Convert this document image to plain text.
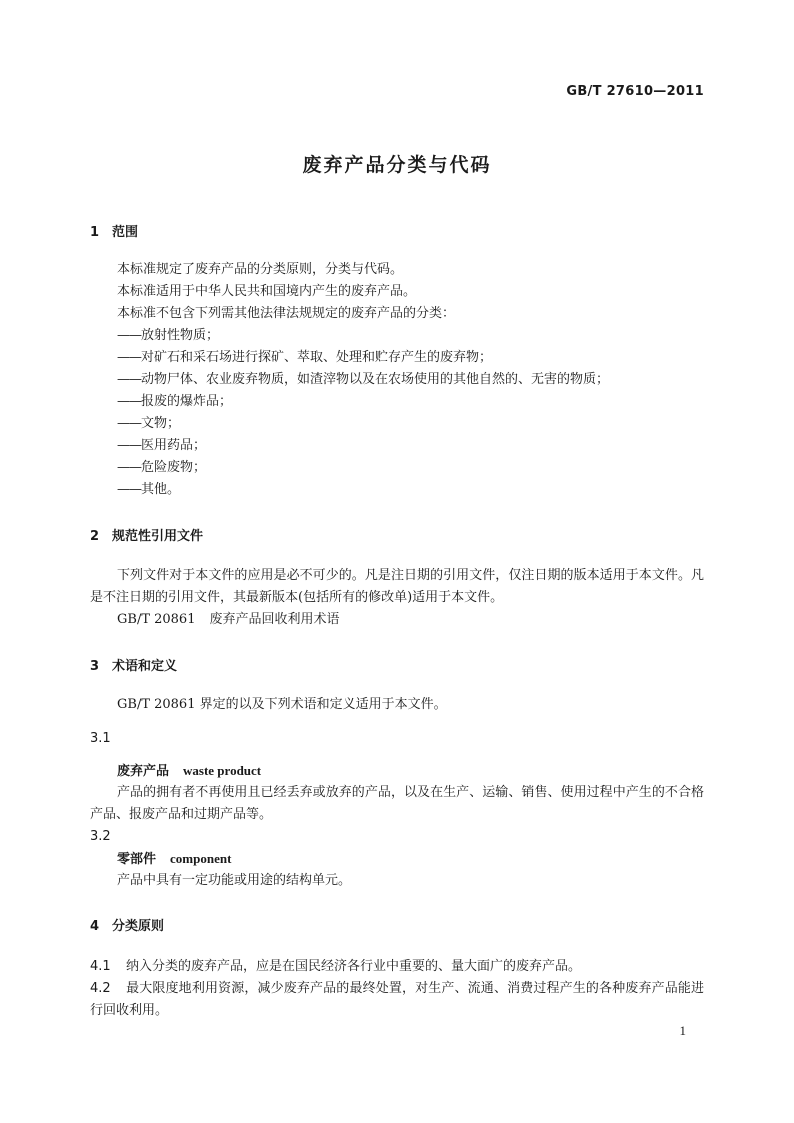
GB/T 27610—2011
废弃产品分类与代码
1 范围
本标准规定了废弃产品的分类原则，分类与代码。
本标准适用于中华人民共和国境内产生的废弃产品。
本标准不包含下列需其他法律法规规定的废弃产品的分类：
——放射性物质；
——对矿石和采石场进行探矿、萃取、处理和贮存产生的废弃物；
——动物尸体、农业废弃物质，如渣滓物以及在农场使用的其他自然的、无害的物质；
——报废的爆炸品；
——文物；
——医用药品；
——危险废物；
——其他。
2 规范性引用文件
下列文件对于本文件的应用是必不可少的。凡是注日期的引用文件，仅注日期的版本适用于本文件。凡是不注日期的引用文件，其最新版本(包括所有的修改单)适用于本文件。
GB/T 20861 废弃产品回收利用术语
3 术语和定义
GB/T 20861 界定的以及下列术语和定义适用于本文件。
3.1
废弃产品 waste product
产品的拥有者不再使用且已经丢弃或放弃的产品，以及在生产、运输、销售、使用过程中产生的不合格产品、报废产品和过期产品等。
3.2
零部件 component
产品中具有一定功能或用途的结构单元。
4 分类原则
4.1 纳入分类的废弃产品，应是在国民经济各行业中重要的、量大面广的废弃产品。
4.2 最大限度地利用资源，减少废弃产品的最终处置，对生产、流通、消费过程产生的各种废弃产品能进行回收利用。
1
